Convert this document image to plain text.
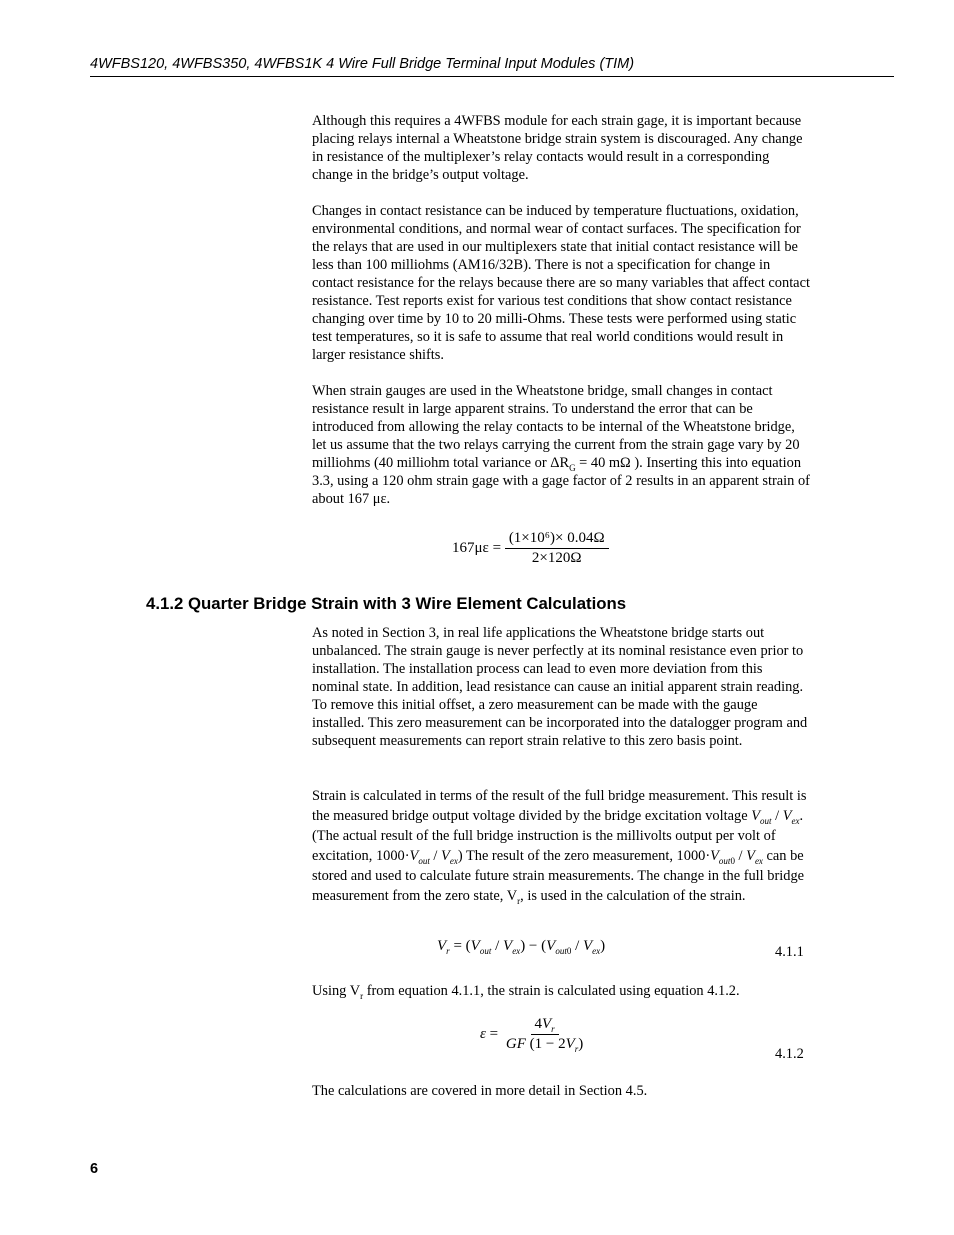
4WFBS120, 4WFBS350, 4WFBS1K 4 Wire Full Bridge Terminal Input Modules (TIM)

Although this requires a 4WFBS module for each strain gage, it is important because placing relays internal a Wheatstone bridge strain system is discouraged. Any change in resistance of the multiplexer’s relay contacts would result in a corresponding change in the bridge’s output voltage.

Changes in contact resistance can be induced by temperature fluctuations, oxidation, environmental conditions, and normal wear of contact surfaces. The specification for the relays that are used in our multiplexers state that initial contact resistance will be less than 100 milliohms (AM16/32B). There is not a specification for change in contact resistance for the relays because there are so many variables that affect contact resistance. Test reports exist for various test conditions that show contact resistance changing over time by 10 to 20 milli-Ohms. These tests were performed using static test temperatures, so it is safe to assume that real world conditions would result in larger resistance shifts.

When strain gauges are used in the Wheatstone bridge, small changes in contact resistance result in large apparent strains. To understand the error that can be introduced from allowing the relay contacts to be internal of the Wheatstone bridge, let us assume that the two relays carrying the current from the strain gage vary by 20 milliohms (40 milliohm total variance or $\Delta R_G = 40$ mΩ ). Inserting this into equation 3.3, using a 120 ohm strain gage with a gage factor of 2 results in an apparent strain of about 167 με.

$167\mu\varepsilon = \frac{\text{(1×10⁶)× 0.04Ω}}{2\times 120\Omega}$
4.1.2 Quarter Bridge Strain with 3 Wire Element Calculations

As noted in Section 3, in real life applications the Wheatstone bridge starts out unbalanced. The strain gauge is never perfectly at its nominal resistance even prior to installation. The installation process can lead to even more deviation from this nominal state. In addition, lead resistance can cause an initial apparent strain reading. To remove this initial offset, a zero measurement can be made with the gauge installed. This zero measurement can be incorporated into the datalogger program and subsequent measurements can report strain relative to this zero basis point.

Strain is calculated in terms of the result of the full bridge measurement. This result is the measured bridge output voltage divided by the bridge excitation voltage $V_{out} / V_{ex}$. (The actual result of the full bridge instruction is the millivolts output per volt of excitation, $1000\cdot V_{out} / V_{ex}$) The result of the zero measurement, $1000\cdot V_{out0} / V_{ex}$ can be stored and used to calculate future strain measurements. The change in the full bridge measurement from the zero state, $V_r$, is used in the calculation of the strain.

$V_r = (V_{out} / V_{ex}) - (V_{out0} / V_{ex})$	4.1.1

Using $V_r$ from equation 4.1.1, the strain is calculated using equation 4.1.2.

$\varepsilon = \frac{4V_r}{GF (1 - 2V_r)}$
4.1.2

The calculations are covered in more detail in Section 4.5.

6
